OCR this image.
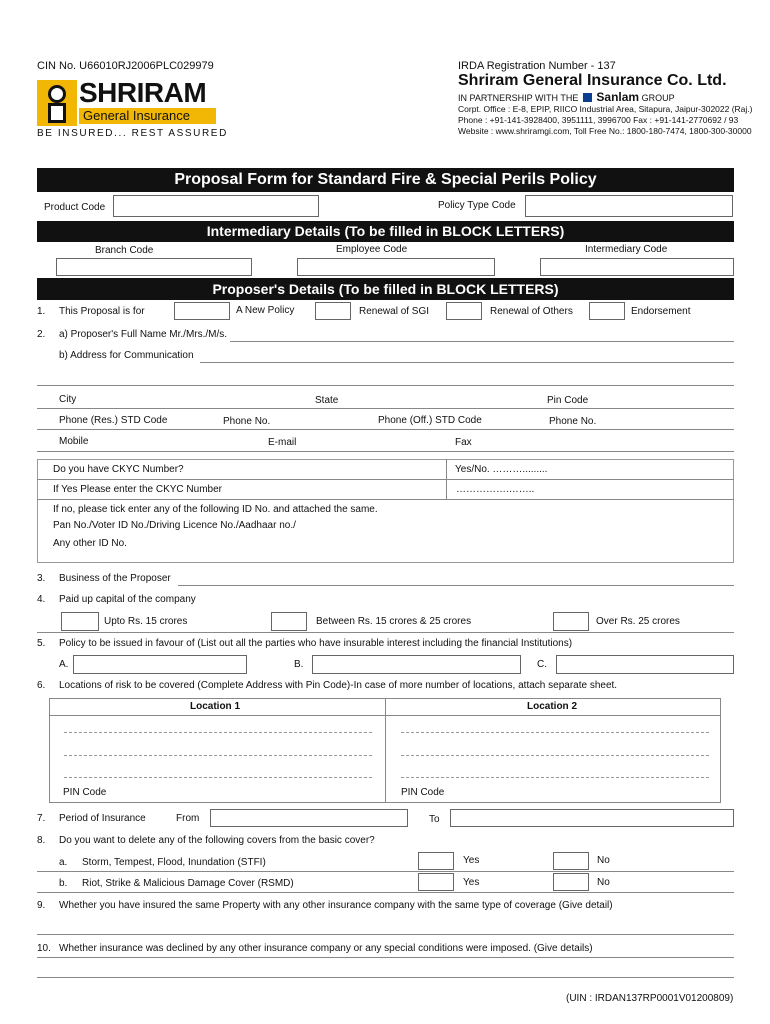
CIN No. U66010RJ2006PLC029979
SHRIRAM
General Insurance
BE INSURED... REST ASSURED
IRDA Registration Number - 137
Shriram General Insurance Co. Ltd.
IN PARTNERSHIP WITH THE Sanlam GROUP
Corpt. Office : E-8, EPIP, RIICO Industrial Area, Sitapura, Jaipur-302022 (Raj.)
Phone : +91-141-3928400, 3951111, 3996700 Fax : +91-141-2770692 / 93
Website : www.shriramgi.com, Toll Free No.: 1800-180-7474, 1800-300-30000
Proposal Form for Standard Fire & Special Perils Policy
Product Code	Policy Type Code
Intermediary Details (To be filled in BLOCK LETTERS)
Branch Code	Employee Code	Intermediary Code
Proposer's Details (To be filled in BLOCK LETTERS)
1. This Proposal is for	A New Policy	Renewal of SGI	Renewal of Others	Endorsement
2. a) Proposer's Full Name Mr./Mrs./M/s.
b) Address for Communication
City	State	Pin Code
Phone (Res.) STD Code	Phone No.	Phone (Off.) STD Code	Phone No.
Mobile	E-mail	Fax
Do you have CKYC Number?	Yes/No. ……….........
If Yes Please enter the CKYC Number	…………….……..
If no, please tick enter any of the following ID No. and attached the same.
Pan No./Voter ID No./Driving Licence No./Aadhaar no./
Any other ID No.
3. Business of the Proposer
4. Paid up capital of the company
Upto Rs. 15 crores	Between Rs. 15 crores & 25 crores	Over Rs. 25 crores
5. Policy to be issued in favour of (List out all the parties who have insurable interest including the financial Institutions)
A.	B.	C.
6. Locations of risk to be covered (Complete Address with Pin Code)-In case of more number of locations, attach separate sheet.
Location 1	Location 2
PIN Code	PIN Code
7. Period of Insurance	From	To
8. Do you want to delete any of the following covers from the basic cover?
a. Storm, Tempest, Flood, Inundation (STFI)	Yes	No
b. Riot, Strike & Malicious Damage Cover (RSMD)	Yes	No
9. Whether you have insured the same Property with any other insurance company with the same type of coverage (Give detail)
10. Whether insurance was declined by any other insurance company or any special conditions were imposed. (Give details)
(UIN : IRDAN137RP0001V01200809)
